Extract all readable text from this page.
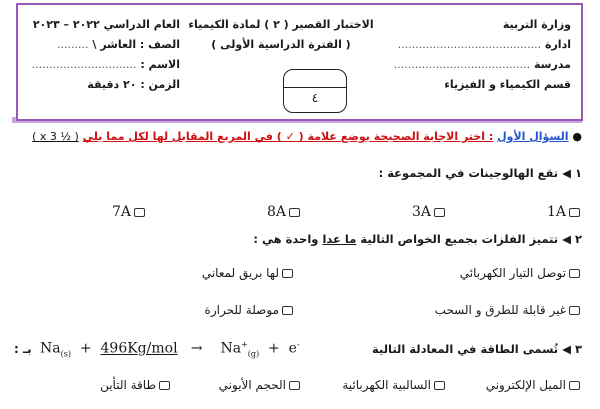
وزارة التربية
ادارة .........................................
مدرسة .......................................
قسم الكيمياء و الفيزياء
الاختبار القصير ( ٢ ) لمادة الكيمياء
( الفترة الدراسية الأولى )
العام الدراسي ٢٠٢٢ – ٢٠٢٣
الصف : العاشر \ .........
الاسم : ..............................
الزمن : ٢٠ دقيقة
٤
● السؤال الأول : اختر الاجابة الصحيحة بوضع علامة ( ✓ ) في المربع المقابل لها لكل مما يلي ( ½ x 3 )
١ ◀ تقع الهالوجينات في المجموعة :
1A
3A
8A
7A
٢ ◀ تتميز الفلزات بجميع الخواص التالية ما عدا واحدة هي :
توصل التيار الكهربائي
لها بريق لمعاني
غير قابلة للطرق و السحب
موصلة للحرارة
٣ ◀ تُسمى الطاقة في المعادلة التالية
$Na_{(s)} + 496Kg/mol \to Na^+_{(g)} + e^-$
بـ :
الميل الإلكتروني
السالبية الكهربائية
الحجم الأيوني
طاقة التأين
